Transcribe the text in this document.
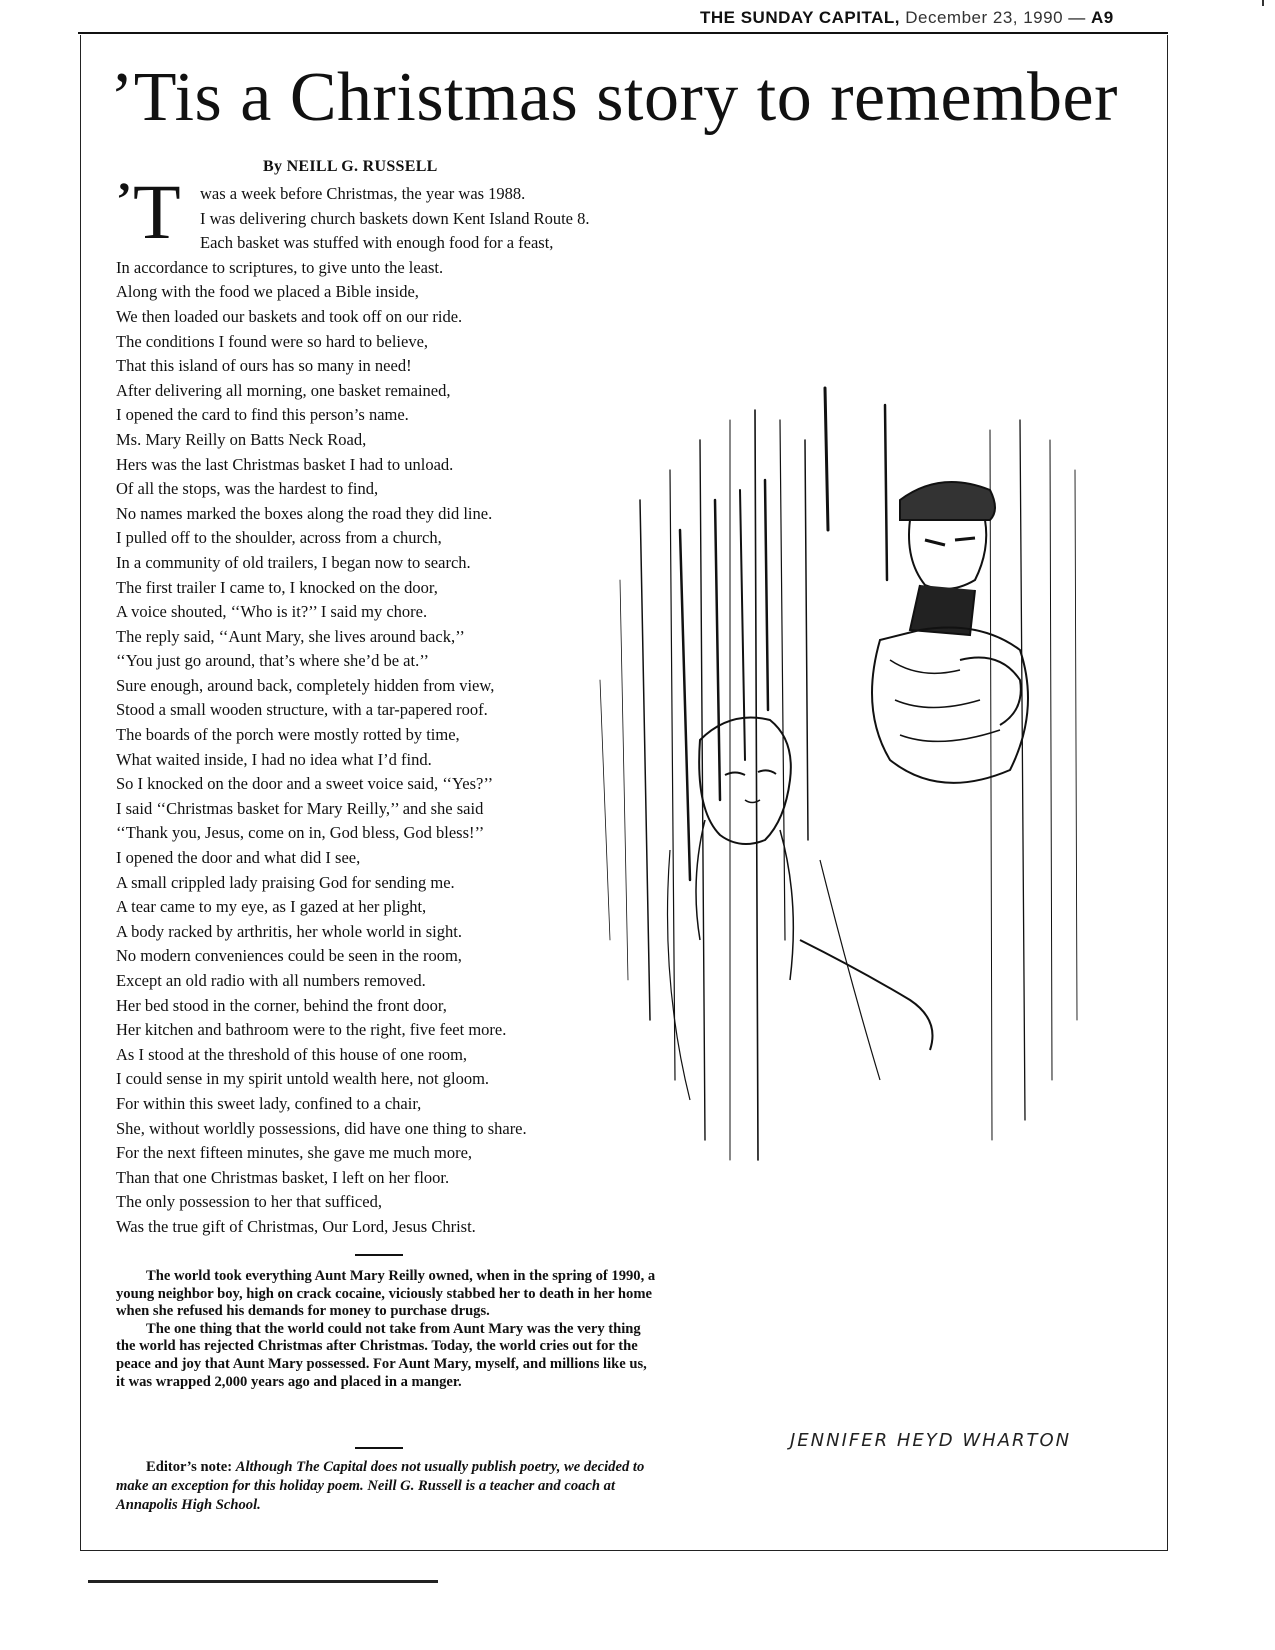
THE SUNDAY CAPITAL, December 23, 1990 — A9
’Tis a Christmas story to remember
By NEILL G. RUSSELL
’ T	was a week before Christmas, the year was 1988.
I was delivering church baskets down Kent Island Route 8.
Each basket was stuffed with enough food for a feast,
In accordance to scriptures, to give unto the least.
Along with the food we placed a Bible inside,
We then loaded our baskets and took off on our ride.
The conditions I found were so hard to believe,
That this island of ours has so many in need!
After delivering all morning, one basket remained,
I opened the card to find this person’s name.
Ms. Mary Reilly on Batts Neck Road,
Hers was the last Christmas basket I had to unload.
Of all the stops, was the hardest to find,
No names marked the boxes along the road they did line.
I pulled off to the shoulder, across from a church,
In a community of old trailers, I began now to search.
The first trailer I came to, I knocked on the door,
A voice shouted, ‘‘Who is it?’’ I said my chore.
The reply said, ‘‘Aunt Mary, she lives around back,’’
‘‘You just go around, that’s where she’d be at.’’
Sure enough, around back, completely hidden from view,
Stood a small wooden structure, with a tar-papered roof.
The boards of the porch were mostly rotted by time,
What waited inside, I had no idea what I’d find.
So I knocked on the door and a sweet voice said, ‘‘Yes?’’
I said ‘‘Christmas basket for Mary Reilly,’’ and she said
‘‘Thank you, Jesus, come on in, God bless, God bless!’’
I opened the door and what did I see,
A small crippled lady praising God for sending me.
A tear came to my eye, as I gazed at her plight,
A body racked by arthritis, her whole world in sight.
No modern conveniences could be seen in the room,
Except an old radio with all numbers removed.
Her bed stood in the corner, behind the front door,
Her kitchen and bathroom were to the right, five feet more.
As I stood at the threshold of this house of one room,
I could sense in my spirit untold wealth here, not gloom.
For within this sweet lady, confined to a chair,
She, without worldly possessions, did have one thing to share.
For the next fifteen minutes, she gave me much more,
Than that one Christmas basket, I left on her floor.
The only possession to her that sufficed,
Was the true gift of Christmas, Our Lord, Jesus Christ.

The world took everything Aunt Mary Reilly owned, when in the spring of 1990, a young neighbor boy, high on crack cocaine, viciously stabbed her to death in her home when she refused his demands for money to purchase drugs.

The one thing that the world could not take from Aunt Mary was the very thing the world has rejected Christmas after Christmas. Today, the world cries out for the peace and joy that Aunt Mary possessed. For Aunt Mary, myself, and millions like us, it was wrapped 2,000 years ago and placed in a manger.

Editor’s note: Although The Capital does not usually publish poetry, we decided to make an exception for this holiday poem. Neill G. Russell is a teacher and coach at Annapolis High School.
JENNIFER HEYD WHARTON
